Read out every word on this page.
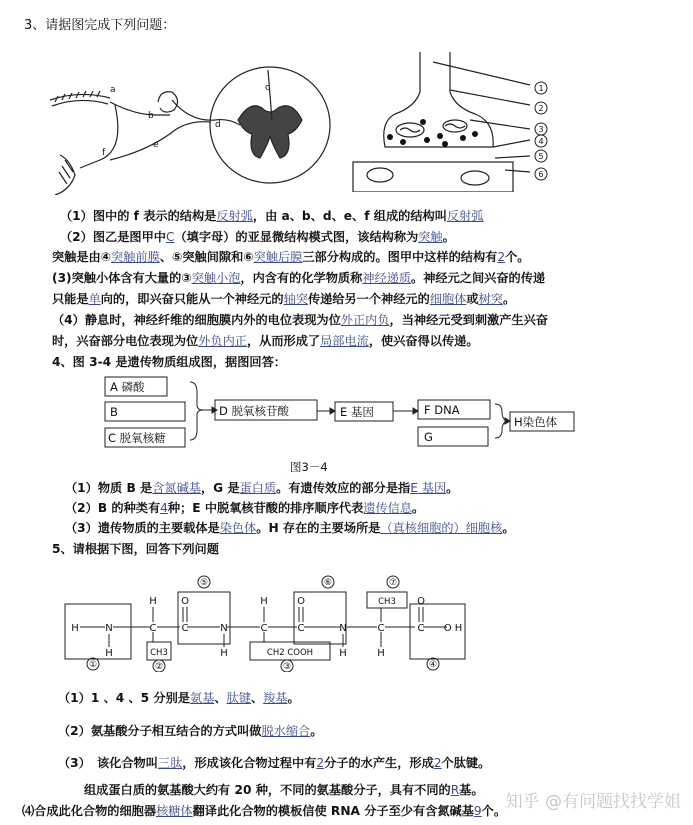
3、请据图完成下列问题：
a
b
c
d
e
f
1
2
3
4
5
6
（1）图中的 f 表示的结构是反射弧，由 a、b、d、e、f 组成的结构叫反射弧
（2）图乙是图甲中C（填字母）的亚显微结构模式图，该结构称为突触。
突触是由④突触前膜、⑤突触间隙和⑥突触后膜三部分构成的。图甲中这样的结构有2个。
(3)突触小体含有大量的③突触小泡，内含有的化学物质称神经递质。神经元之间兴奋的传递
只能是单向的，即兴奋只能从一个神经元的轴突传递给另一个神经元的细胞体或树突。
（4）静息时，神经纤维的细胞膜内外的电位表现为位外正内负，当神经元受到刺激产生兴奋
时，兴奋部分电位表现为位外负内正，从而形成了局部电流，使兴奋得以传递。
4、图 3-4 是遗传物质组成图，据图回答：
A 磷酸
B
C 脱氧核糖
D 脱氧核苷酸	E 基因	F DNA
G
H染色体
图3－4
（1）物质 B 是含氮碱基，G 是蛋白质。有遗传效应的部分是指E 基因。
（2）B 的种类有4种；E 中脱氧核苷酸的排序顺序代表遗传信息。
（3）遗传物质的主要载体是染色体。H 存在的主要场所是（真核细胞的）细胞核。
5、请根据下图，回答下列问题
H	N
H
H
C
CH3
O
C	N
H
H
C
CH2 COOH
O
C	N
H
CH3
C
H
O
C O H
①	②	③	④
⑤	⑥	⑦
（1）1 、4 、5 分别是氨基、肽键、羧基。
（2）氨基酸分子相互结合的方式叫做脱水缩合。
（3）　该化合物叫三肽，形成该化合物过程中有2分子的水产生，形成2个肽键。
组成蛋白质的氨基酸大约有 20 种，不同的氨基酸分子，具有不同的R基。
⑷合成此化合物的细胞器核糖体翻译此化合物的模板信使 RNA 分子至少有含氮碱基9个。 知乎 @有问题找找学姐
